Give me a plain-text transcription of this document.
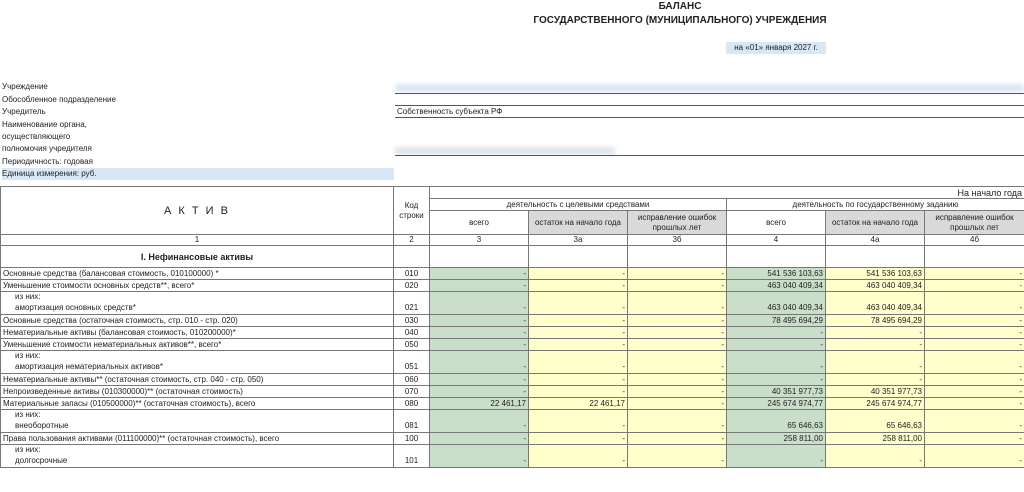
БАЛАНС
ГОСУДАРСТВЕННОГО (МУНИЦИПАЛЬНОГО) УЧРЕЖДЕНИЯ
на «01» января 2027 г.
Учреждение
Обособленное подразделение
Учредитель	Собственность субъекта РФ
Наименование органа,
осуществляющего
полномочия учредителя
Периодичность: годовая
Единица измерения: руб.
А К Т И В	Код строки	На начало года					
		деятельность с целевыми средствами			деятельность по государственному заданию		
		всего	остаток на начало года	исправление ошибок прошлых лет	всего	остаток на начало года	исправление ошибок прошлых лет
1	2	3	3а	3б	4	4а	4б
I. Нефинансовые активы							
Основные средства (балансовая стоимость, 010100000) *	010	-	-	-	541 536 103,63	541 536 103,63	-
Уменьшение стоимости основных средств**, всего*	020	-	-	-	463 040 409,34	463 040 409,34	-
из них:							
амортизация основных средств*	021	-	-	-	463 040 409,34	463 040 409,34	-
Основные средства (остаточная стоимость, стр. 010 - стр. 020)	030	-	-	-	78 495 694,29	78 495 694,29	-
Нематериальные активы (балансовая стоимость, 010200000)*	040	-	-	-	-	-	-
Уменьшение стоимости нематериальных активов**, всего*	050	-	-	-	-	-	-
из них:							
амортизация нематериальных активов*	051	-	-	-	-	-	-
Нематериальные активы** (остаточная стоимость, стр. 040 - стр. 050)	060	-	-	-	-	-	-
Непроизведенные активы (010300000)** (остаточная стоимость)	070	-	-	-	40 351 977,73	40 351 977,73	-
Материальные запасы (010500000)** (остаточная стоимость), всего	080	22 461,17	22 461,17	-	245 674 974,77	245 674 974,77	-
из них:							
внеоборотные	081	-	-	-	65 646,63	65 646,63	-
Права пользования активами (011100000)** (остаточная стоимость), всего	100	-	-	-	258 811,00	258 811,00	-
из них:							
долгосрочные	101	-	-	-	-	-	-
